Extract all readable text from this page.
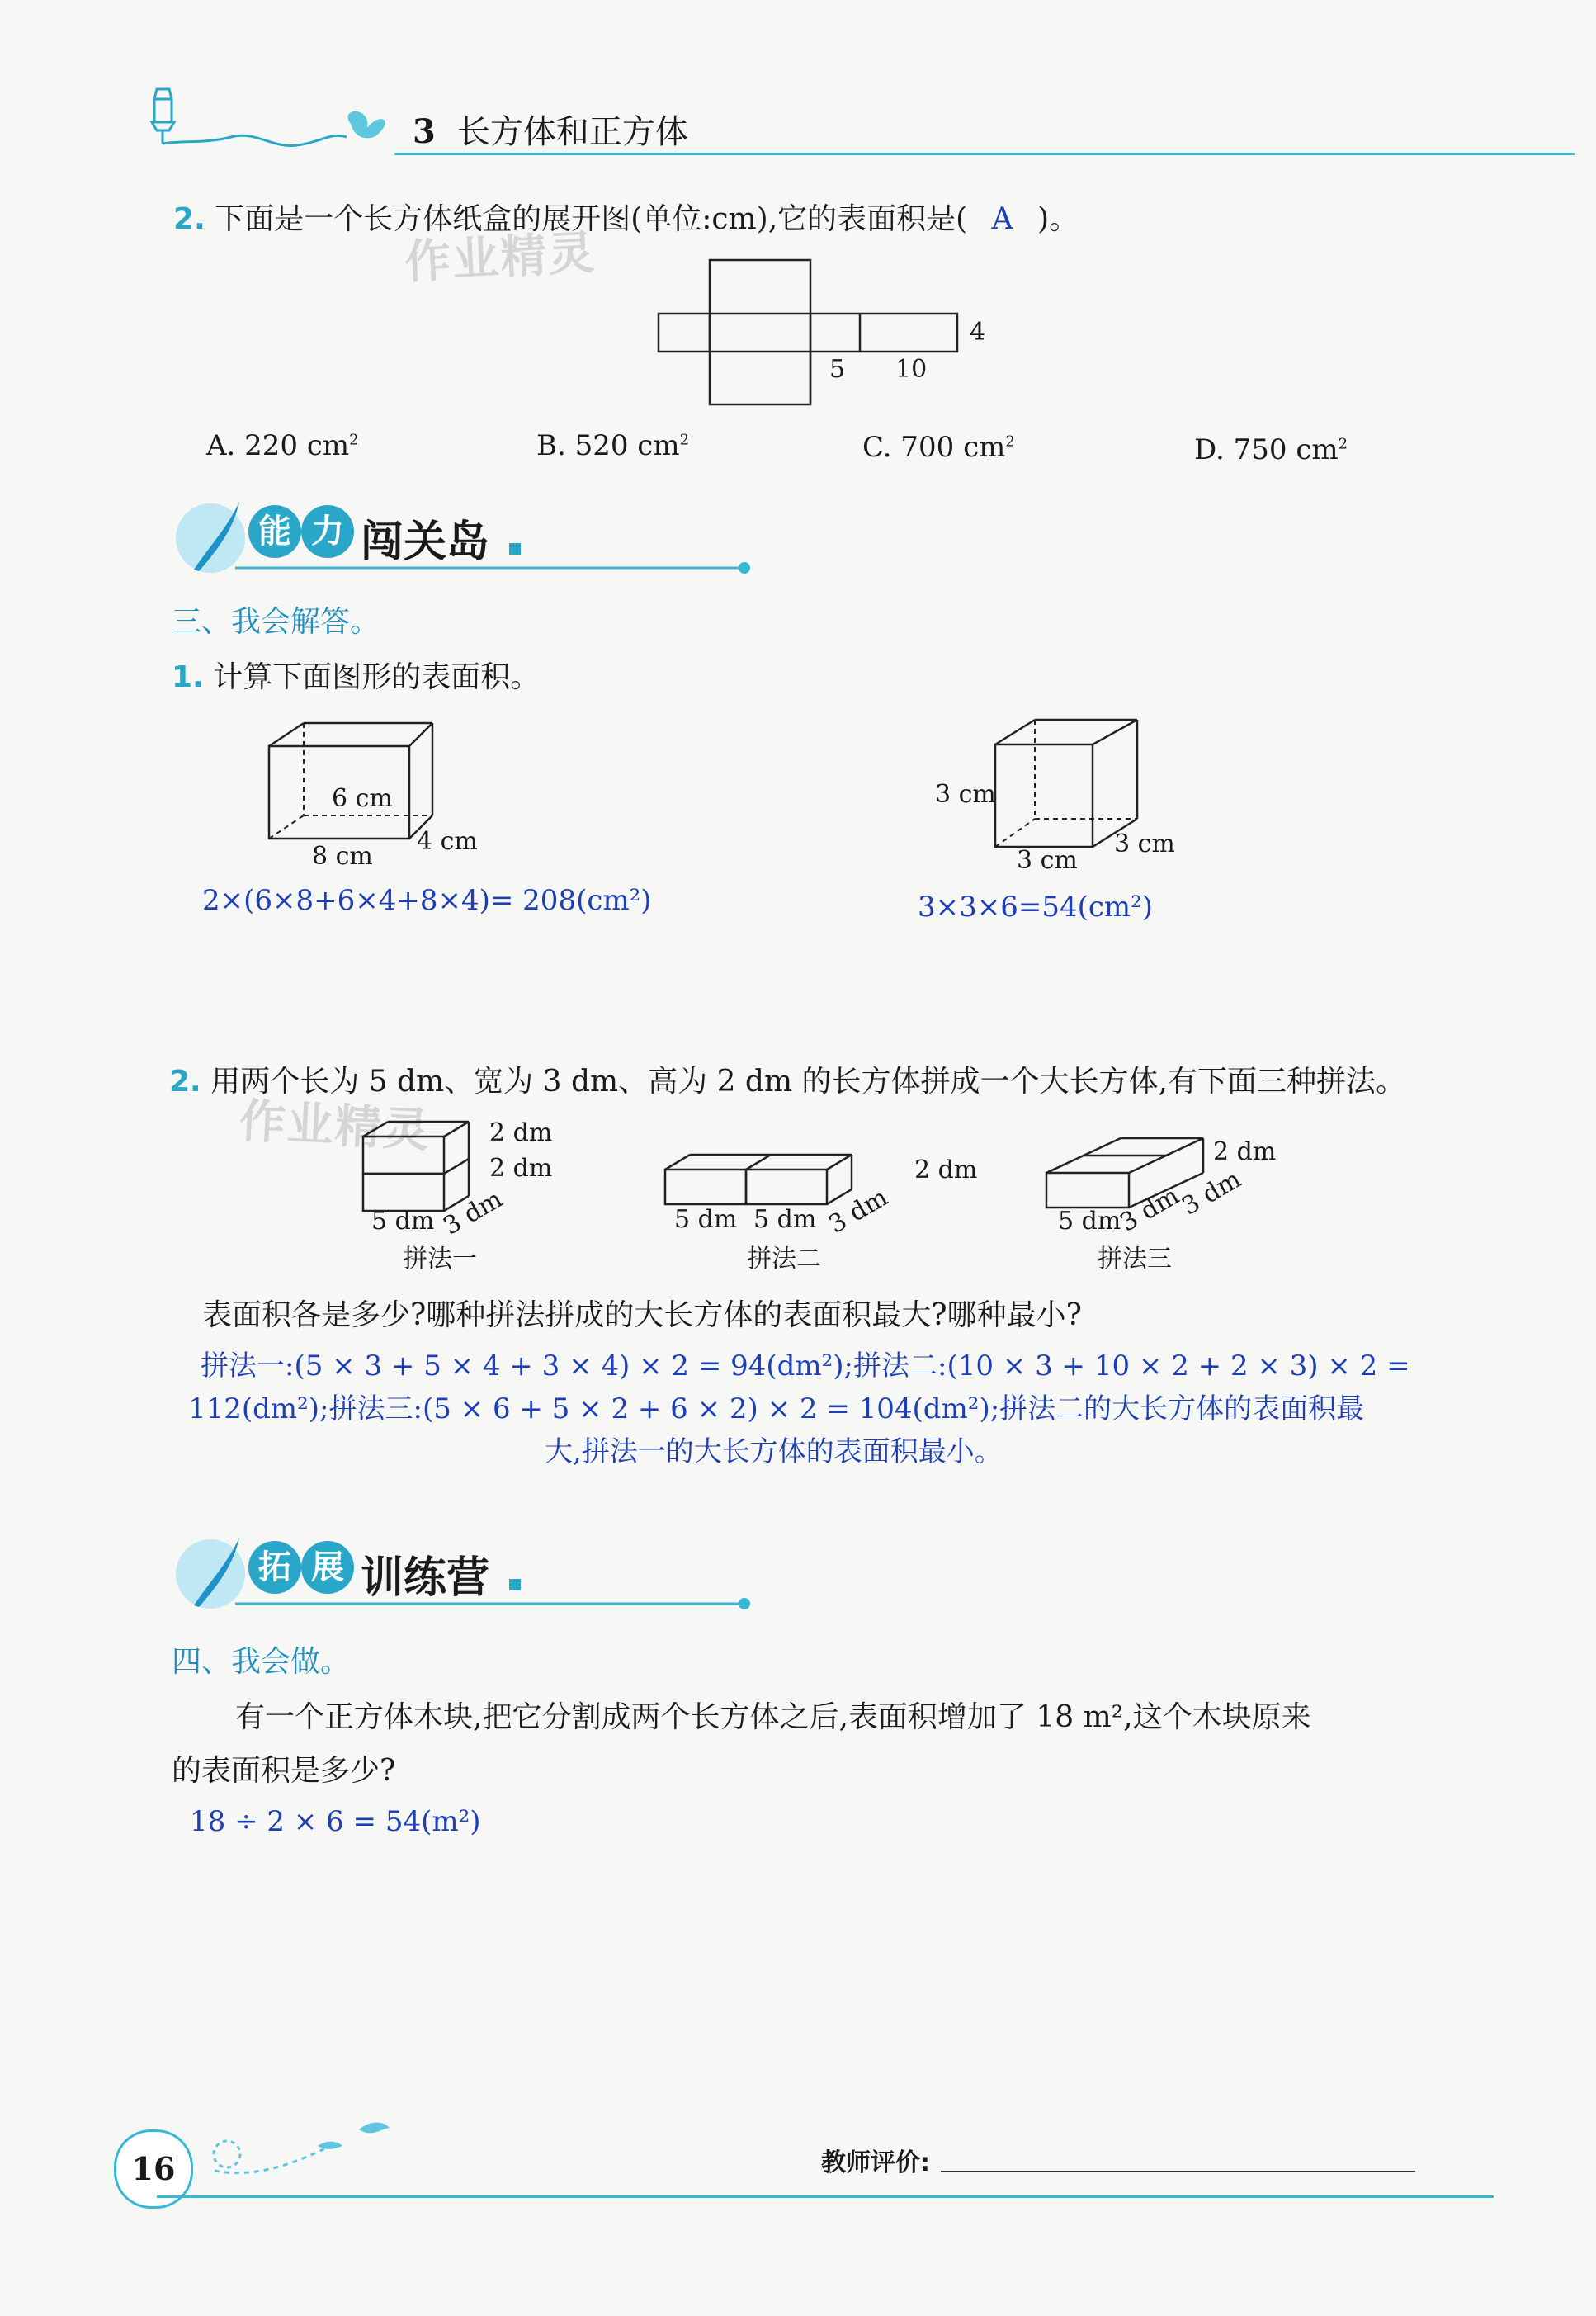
3 长方体和正方体
2. 下面是一个长方体纸盒的展开图(单位:cm),它的表面积是( A )。
作业精灵
4
5 10
A. 220 $cm^2$	B. 520 $cm^2$	C. 700 $cm^2$	D. 750 $cm^2$
能 力 闯关岛
三、我会解答。
1. 计算下面图形的表面积。
6 cm
8 cm
4 cm
2×(6×8+6×4+8×4)= 208(cm²)
3 cm
3 cm
3 cm
3×3×6=54(cm²)
2. 用两个长为 5 dm、宽为 3 dm、高为 2 dm 的长方体拼成一个大长方体,有下面三种拼法。
作业精灵 2 dm
2 dm
5 dm 3 dm
拼法一
2 dm
5 dm 5 dm 3 dm
拼法二
2 dm
5 dm
3 dm
3 dm
拼法三
表面积各是多少?哪种拼法拼成的大长方体的表面积最大?哪种最小?
拼法一:(5 × 3 + 5 × 4 + 3 × 4) × 2 = 94(dm²);拼法二:(10 × 3 + 10 × 2 + 2 × 3) × 2 =
112(dm²);拼法三:(5 × 6 + 5 × 2 + 6 × 2) × 2 = 104(dm²);拼法二的大长方体的表面积最
大,拼法一的大长方体的表面积最小。
拓 展 训练营
四、我会做。
有一个正方体木块,把它分割成两个长方体之后,表面积增加了 18 m²,这个木块原来
的表面积是多少?
18 ÷ 2 × 6 = 54(m²)
16	教师评价:
